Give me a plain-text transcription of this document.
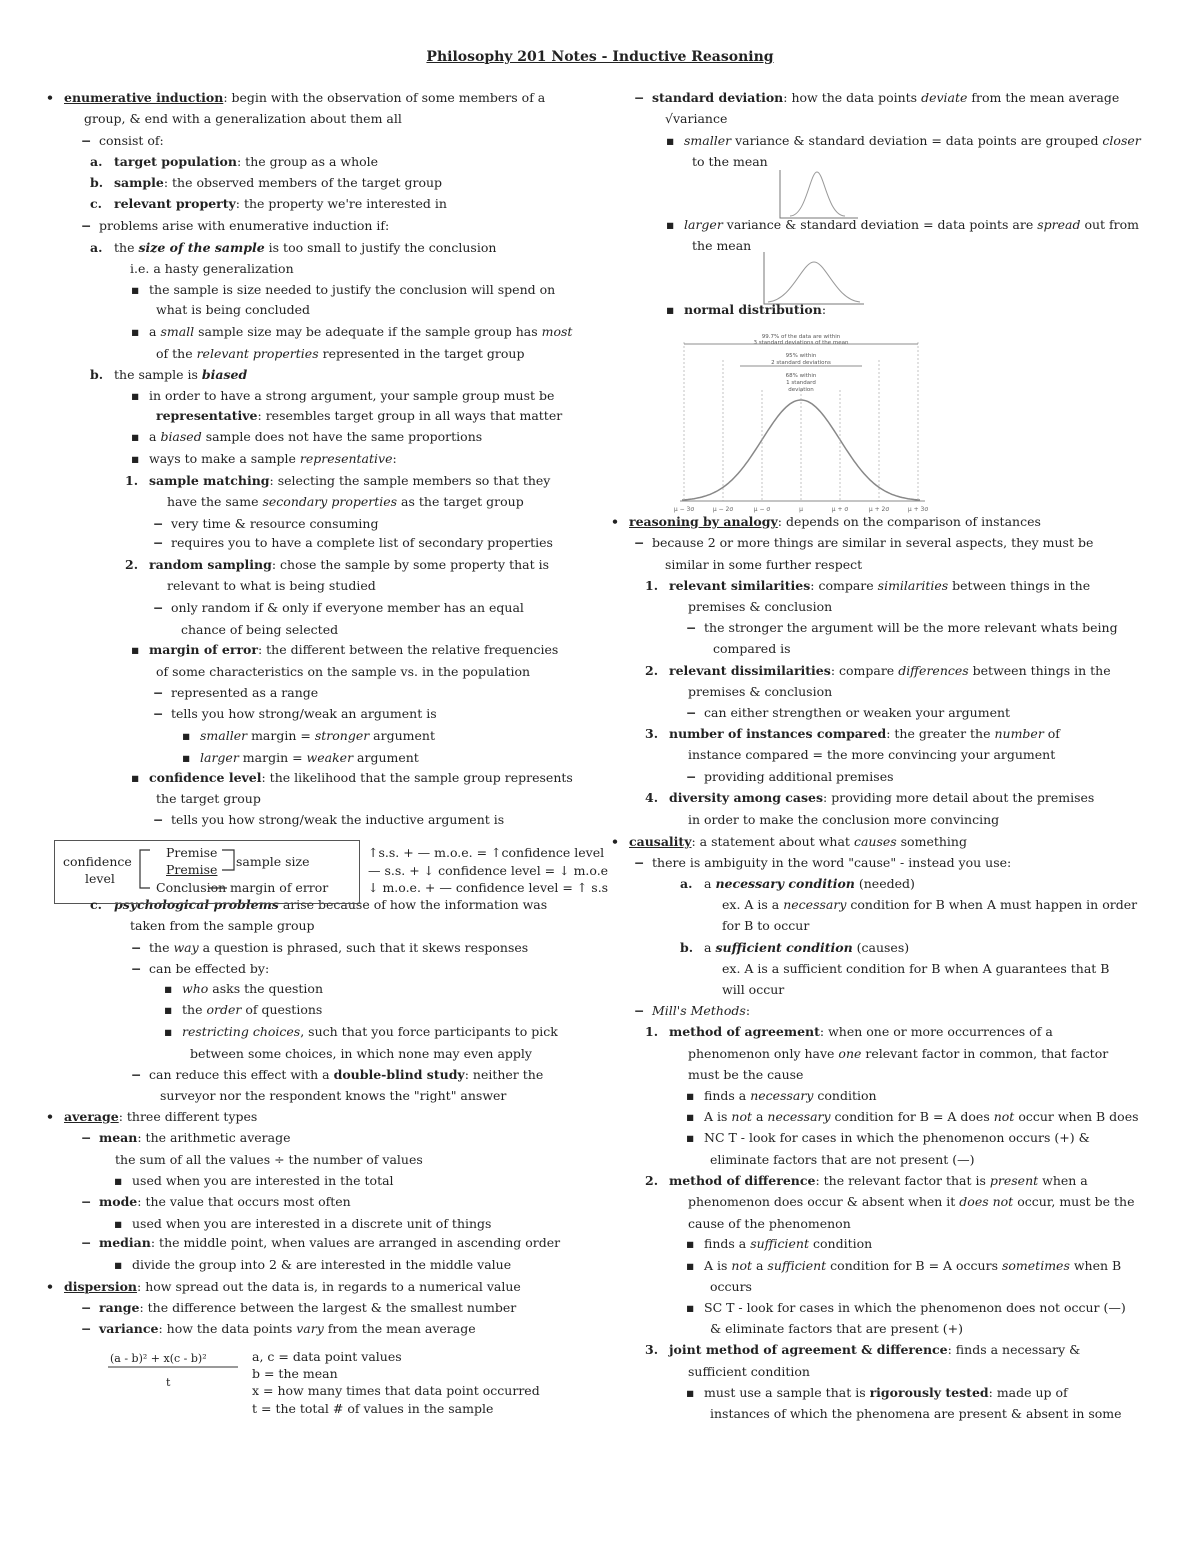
Philosophy 201 Notes - Inductive Reasoning
enumerative induction: begin with the observation of some members of a
group, & end with a generalization about them all
consist of:
target population: the group as a whole
sample: the observed members of the target group
relevant property: the property we're interested in
problems arise with enumerative induction if:
the size of the sample is too small to justify the conclusion
i.e. a hasty generalization
the sample is size needed to justify the conclusion will spend on
what is being concluded
a small sample size may be adequate if the sample group has most
of the relevant properties represented in the target group
the sample is biased
in order to have a strong argument, your sample group must be
representative: resembles target group in all ways that matter
a biased sample does not have the same proportions
ways to make a sample representative:
sample matching: selecting the sample members so that they
have the same secondary properties as the target group
very time & resource consuming
requires you to have a complete list of secondary properties
random sampling: chose the sample by some property that is
relevant to what is being studied
only random if & only if everyone member has an equal
chance of being selected
margin of error: the different between the relative frequencies
of some characteristics on the sample vs. in the population
represented as a range
tells you how strong/weak an argument is
smaller margin = stronger argument
larger margin = weaker argument
confidence level: the likelihood that the sample group represents
the target group
tells you how strong/weak the inductive argument is
psychological problems arise because of how the information was
taken from the sample group
the way a question is phrased, such that it skews responses
can be effected by:
who asks the question
the order of questions
restricting choices, such that you force participants to pick
between some choices, in which none may even apply
can reduce this effect with a double-blind study: neither the
surveyor nor the respondent knows the "right" answer
average: three different types
mean: the arithmetic average
the sum of all the values ÷ the number of values
used when you are interested in the total
mode: the value that occurs most often
used when you are interested in a discrete unit of things
median: the middle point, when values are arranged in ascending order
divide the group into 2 & are interested in the middle value
dispersion: how spread out the data is, in regards to a numerical value
range: the difference between the largest & the smallest number
variance: how the data points vary from the mean average
standard deviation: how the data points deviate from the mean average
√variance
smaller variance & standard deviation = data points are grouped closer
to the mean
larger variance & standard deviation = data points are spread out from
the mean
normal distribution:
reasoning by analogy: depends on the comparison of instances
because 2 or more things are similar in several aspects, they must be
similar in some further respect
relevant similarities: compare similarities between things in the
premises & conclusion
the stronger the argument will be the more relevant whats being
compared is
relevant dissimilarities: compare differences between things in the
premises & conclusion
can either strengthen or weaken your argument
number of instances compared: the greater the number of
instance compared = the more convincing your argument
providing additional premises
diversity among cases: providing more detail about the premises
in order to make the conclusion more convincing
causality: a statement about what causes something
there is ambiguity in the word "cause" - instead you use:
a necessary condition (needed)
ex. A is a necessary condition for B when A must happen in order
for B to occur
a sufficient condition (causes)
ex. A is a sufficient condition for B when A guarantees that B
will occur
Mill's Methods:
method of agreement: when one or more occurrences of a
phenomenon only have one relevant factor in common, that factor
must be the cause
finds a necessary condition
A is not a necessary condition for B = A does not occur when B does
NC T - look for cases in which the phenomenon occurs (+) &
eliminate factors that are not present (—)
method of difference: the relevant factor that is present when a
phenomenon does occur & absent when it does not occur, must be the
cause of the phenomenon
finds a sufficient condition
A is not a sufficient condition for B = A occurs sometimes when B
occurs
SC T - look for cases in which the phenomenon does not occur (—)
& eliminate factors that are present (+)
joint method of agreement & difference: finds a necessary &
sufficient condition
must use a sample that is rigorously tested: made up of
instances of which the phenomena are present & absent in some
confidence
level
Premise
Premise
sample size
Conclusion margin of error
↑s.s. + — m.o.e. = ↑confidence level
— s.s. + ↓ confidence level = ↓ m.o.e
↓ m.o.e. + — confidence level = ↑ s.s
(a - b)² + x(c - b)²
t
a, c = data point values
b = the mean
x = how many times that data point occurred
t = the total # of values in the sample
99.7% of the data are within
3 standard deviations of the mean
95% within
2 standard deviations
68% within
1 standard
deviation
μ − 3σ	μ − 2σ	μ − σ	μ	μ + σ	μ + 2σ	μ + 3σ
•
−
a.
b.
c.
−
a.
▪
▪
b.
▪
▪
▪
1.
−
−
2.
−
▪
−
−
▪
▪
▪
−
c.
−
−
▪
▪
▪
−
•
−
▪
−
▪
−
▪
•
−
−
−
▪
▪
▪
•
−
1.
−
2.
−
3.
−
4.
•
−
a.
b.
−
1.
▪
▪
▪
2.
▪
▪
▪
3.
▪
